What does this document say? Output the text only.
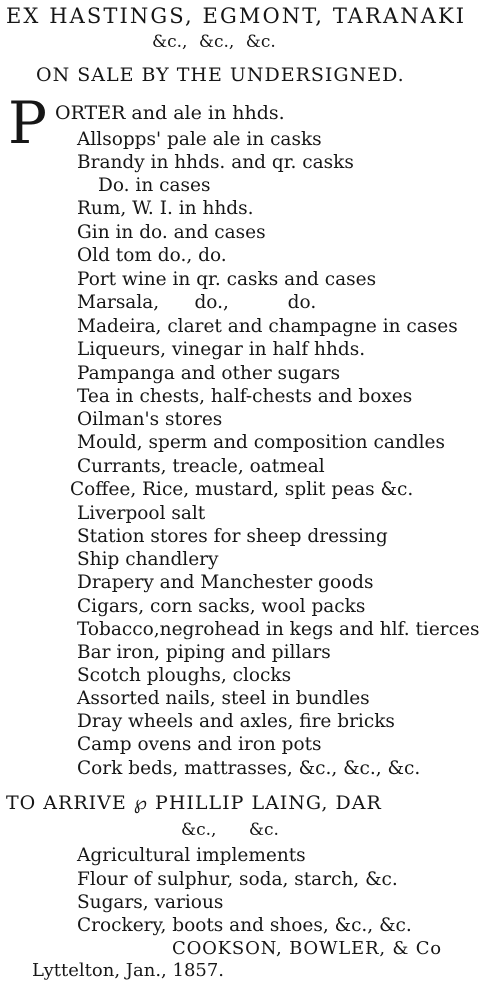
EX HASTINGS, EGMONT, TARANAKI
&c., &c., &c.
ON SALE BY THE UNDERSIGNED.
P ORTER and ale in hhds.
Allsopps' pale ale in casks
Brandy in hhds. and qr. casks
Do. in cases
Rum, W. I. in hhds.
Gin in do. and cases
Old tom do., do.
Port wine in qr. casks and cases
Marsala,      do.,          do.
Madeira, claret and champagne in cases
Liqueurs, vinegar in half hhds.
Pampanga and other sugars
Tea in chests, half-chests and boxes
Oilman's stores
Mould, sperm and composition candles
Currants, treacle, oatmeal
Coffee, Rice, mustard, split peas &c.
Liverpool salt
Station stores for sheep dressing
Ship chandlery
Drapery and Manchester goods
Cigars, corn sacks, wool packs
Tobacco,negrohead in kegs and hlf. tierces
Bar iron, piping and pillars
Scotch ploughs, clocks
Assorted nails, steel in bundles
Dray wheels and axles, fire bricks
Camp ovens and iron pots
Cork beds, mattrasses, &c., &c., &c.
TO ARRIVE ℘ PHILLIP LAING, DAR
&c.,      &c.
Agricultural implements
Flour of sulphur, soda, starch, &c.
Sugars, various
Crockery, boots and shoes, &c., &c.
COOKSON, BOWLER, & Co
Lyttelton, Jan., 1857.
